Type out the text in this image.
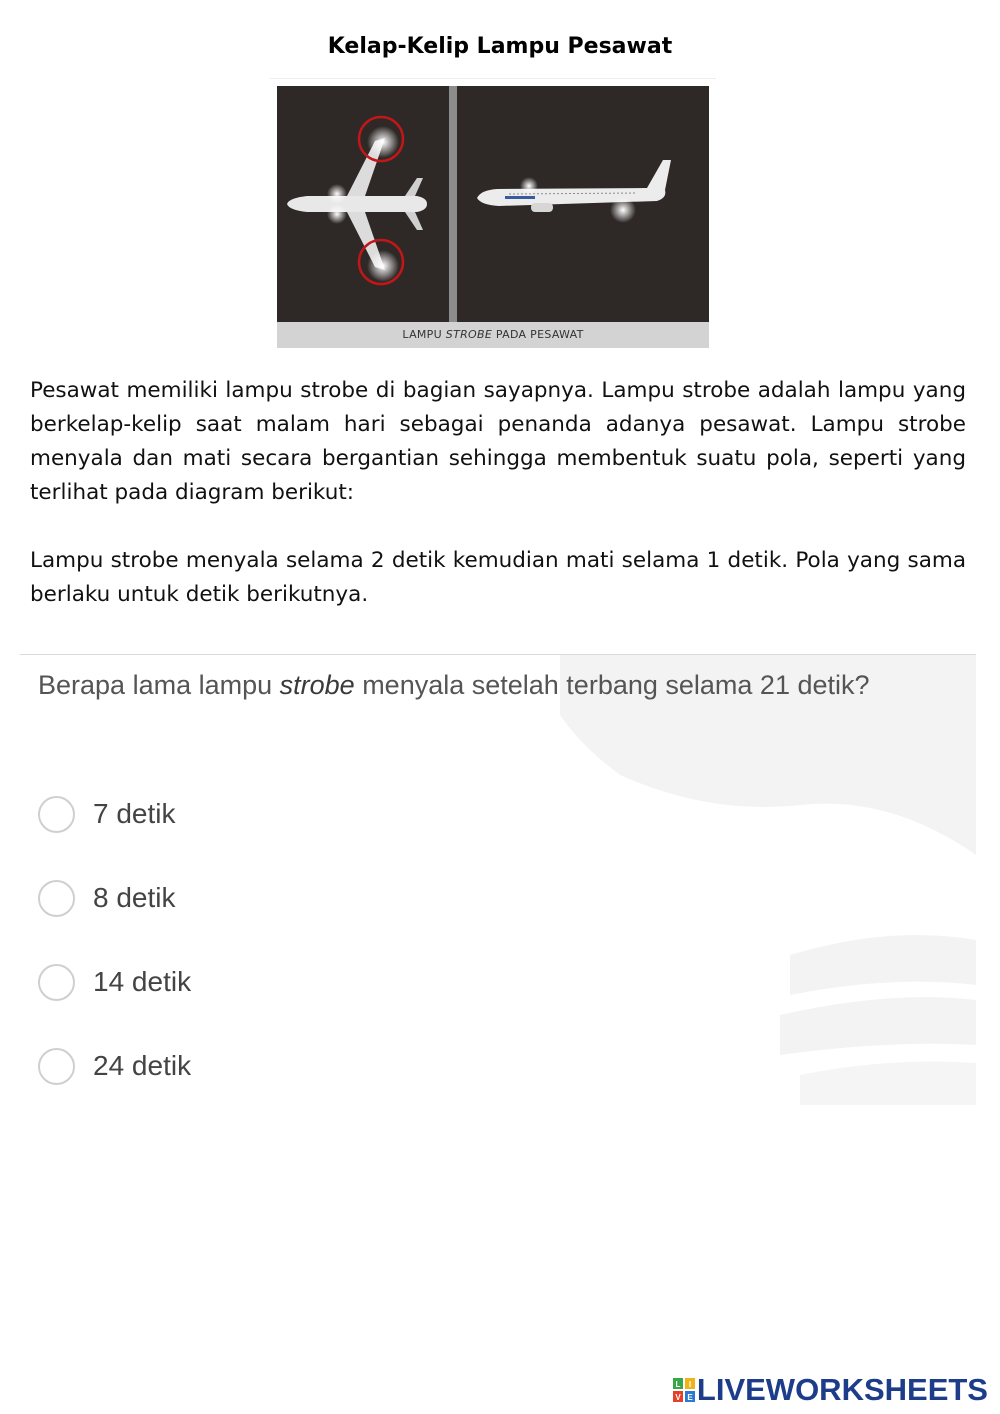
Kelap-Kelip Lampu Pesawat
LAMPU STROBE PADA PESAWAT

Pesawat memiliki lampu strobe di bagian sayapnya. Lampu strobe adalah lampu yang berkelap-kelip saat malam hari sebagai penanda adanya pesawat. Lampu strobe menyala dan mati secara bergantian sehingga membentuk suatu pola, seperti yang terlihat pada diagram berikut:

Lampu strobe menyala selama 2 detik kemudian mati selama 1 detik. Pola yang sama berlaku untuk detik berikutnya.

Berapa lama lampu strobe menyala setelah terbang selama 21 detik?
7 detik
8 detik
14 detik
24 detik
L I
V E LIVEWORKSHEETS
